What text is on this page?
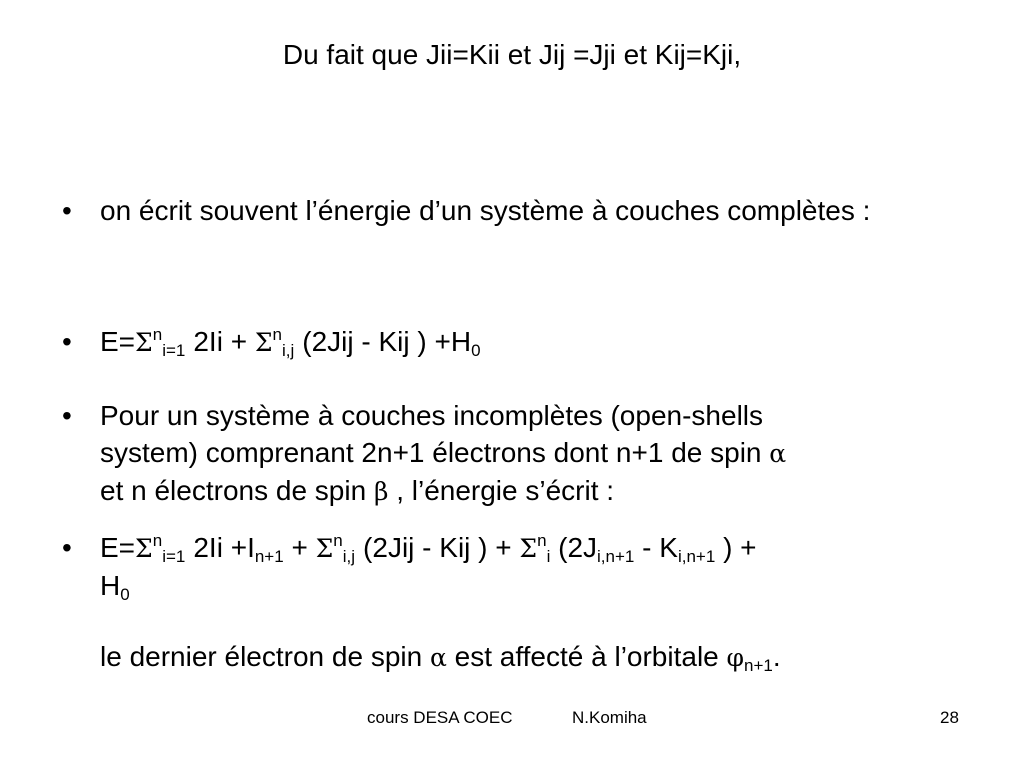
Du fait que Jii=Kii et Jij =Jji et Kij=Kji,
• on écrit souvent l’énergie d’un système à couches complètes :
• $E=\Sigma^n_{i=1}$ $2Ii + \Sigma^n_{i,j}$ (2Jij - Kij ) $+H_0$
• Pour un système à couches incomplètes (open-shells
system) comprenant 2n+1 électrons dont n+1 de spin α
et n électrons de spin β , l’énergie s’écrit :
• $E=\Sigma^n_{i=1}$ $2Ii +I_{n+1} + \Sigma^n_{i,j}$ (2Jij - Kij ) + $\Sigma^n_i$ ($2J_{i,n+1} - K_{i,n+1}$ ) +
$H_0$
le dernier électron de spin α est affecté à l’orbitale $\varphi_{n+1}$.
cours DESA COEC	N.Komiha	28
